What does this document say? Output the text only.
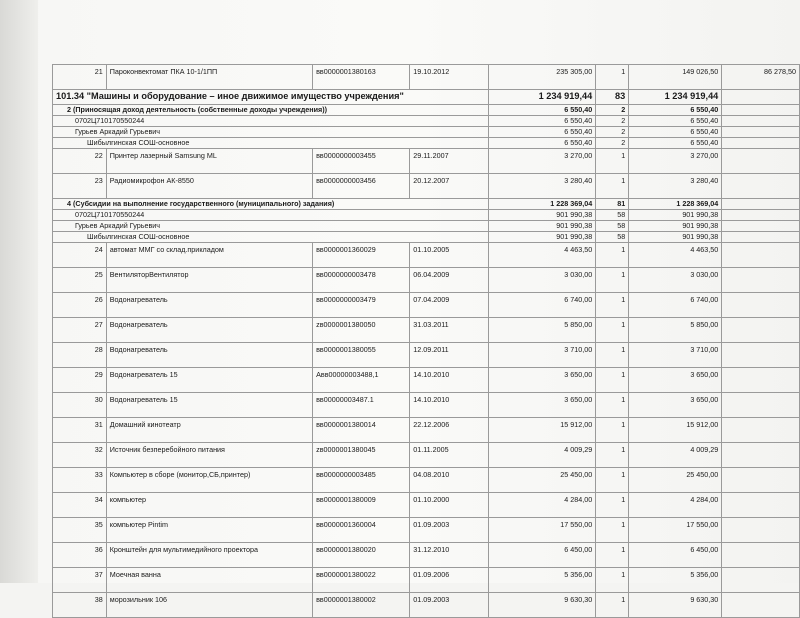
21	Пароконвектомат ПКА 10-1/1ПП	вв0000001380163	19.10.2012	235 305,00	1	149 026,50	86 278,50
101.34 "Машины и оборудование – иное движимое имущество учреждения"				1 234 919,44	83	1 234 919,44	
2 (Приносящая доход деятельность (собственные доходы учреждения))				6 550,40	2	6 550,40	
0702Ц710170550244				6 550,40	2	6 550,40	
Гурьев Аркадий Гурьевич				6 550,40	2	6 550,40	
Шибылгинская СОШ-основное				6 550,40	2	6 550,40	
22	Принтер лазерный Samsung ML	вв0000000003455	29.11.2007	3 270,00	1	3 270,00	
23	Радиомикрофон АК-8550	вв0000000003456	20.12.2007	3 280,40	1	3 280,40	
4 (Субсидии на выполнение государственного (муниципального) задания)				1 228 369,04	81	1 228 369,04	
0702Ц710170550244				901 990,38	58	901 990,38	
Гурьев Аркадий Гурьевич				901 990,38	58	901 990,38	
Шибылгинская СОШ-основное				901 990,38	58	901 990,38	
24	автомат ММГ со склад.прикладом	вв0000001360029	01.10.2005	4 463,50	1	4 463,50	
25	ВентиляторВентилятор	вв0000000003478	06.04.2009	3 030,00	1	3 030,00	
26	Водонагреватель	вв0000000003479	07.04.2009	6 740,00	1	6 740,00	
27	Водонагреватель	zв0000001380050	31.03.2011	5 850,00	1	5 850,00	
28	Водонагреватель	вв0000001380055	12.09.2011	3 710,00	1	3 710,00	
29	Водонагреватель 15	Авв00000003488,1	14.10.2010	3 650,00	1	3 650,00	
30	Водонагреватель 15	вв00000003487.1	14.10.2010	3 650,00	1	3 650,00	
31	Домашний кинотеатр	вв0000001380014	22.12.2006	15 912,00	1	15 912,00	
32	Источник безперебойного питания	zв0000001380045	01.11.2005	4 009,29	1	4 009,29	
33	Компьютер в сборе (монитор,СБ,принтер)	вв0000000003485	04.08.2010	25 450,00	1	25 450,00	
34	компьютер	вв0000001380009	01.10.2000	4 284,00	1	4 284,00	
35	компьютер Pintim	вв0000001360004	01.09.2003	17 550,00	1	17 550,00	
36	Кронштейн для мультимедийного проектора	вв0000001380020	31.12.2010	6 450,00	1	6 450,00	
37	Моечная ванна	вв0000001380022	01.09.2006	5 356,00	1	5 356,00	
38	морозильник 106	вв0000001380002	01.09.2003	9 630,30	1	9 630,30	
